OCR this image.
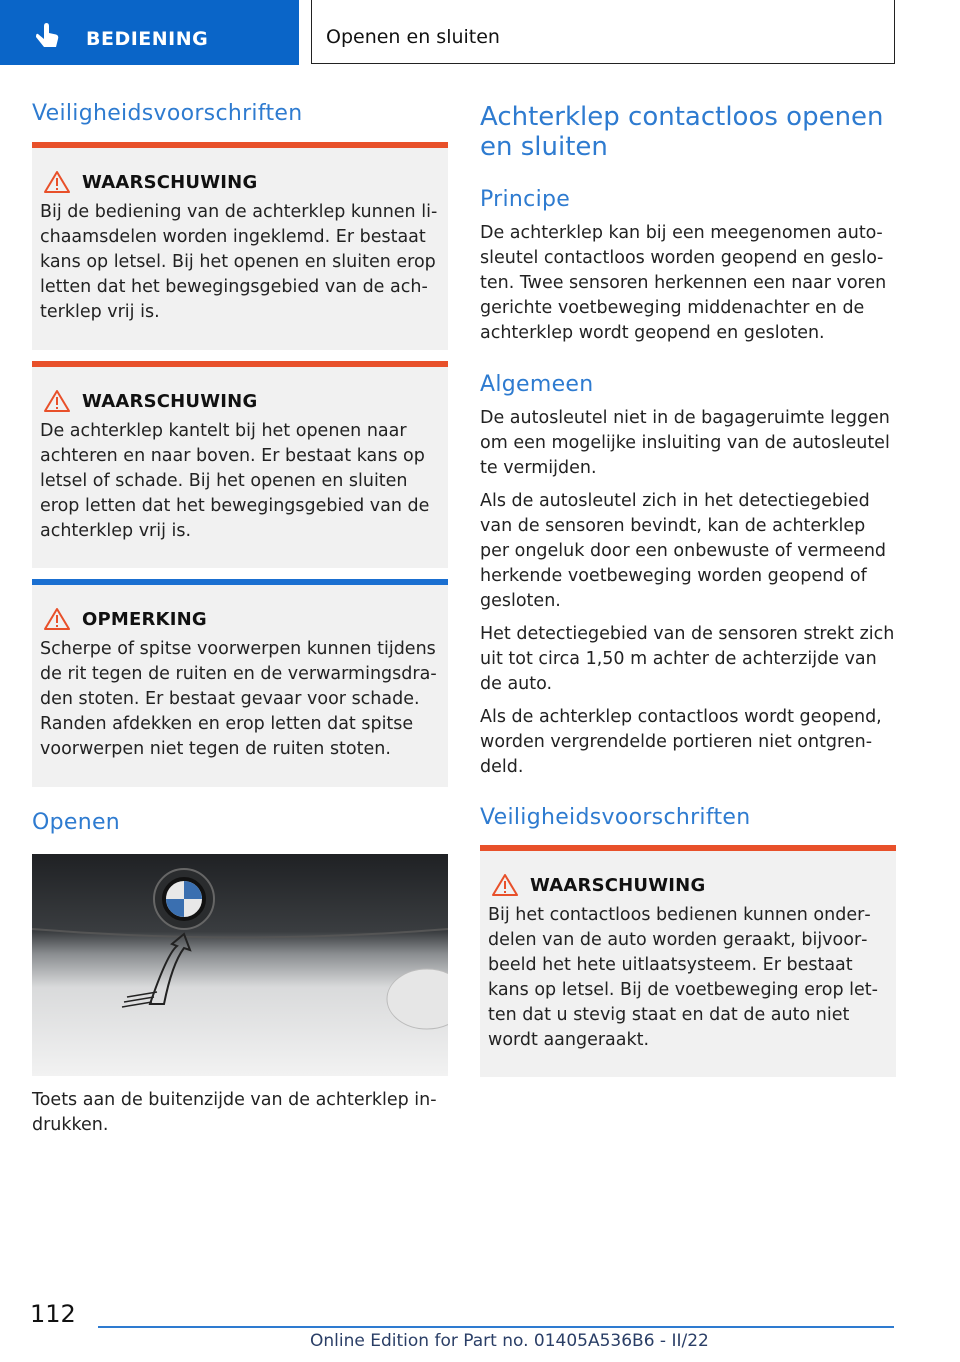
BEDIENING	Openen en sluiten
Veiligheidsvoorschriften
WAARSCHUWING

Bij de bediening van de achterklep kunnen lichaamsdelen worden ingeklemd. Er bestaat kans op letsel. Bij het openen en sluiten erop letten dat het bewegingsgebied van de achterklep vrij is.

WAARSCHUWING

De achterklep kantelt bij het openen naar achteren en naar boven. Er bestaat kans op letsel of schade. Bij het openen en sluiten erop letten dat het bewegingsgebied van de achterklep vrij is.

OPMERKING

Scherpe of spitse voorwerpen kunnen tijdens de rit tegen de ruiten en de verwarmingsdraden stoten. Er bestaat gevaar voor schade. Randen afdekken en erop letten dat spitse voorwerpen niet tegen de ruiten stoten.

Openen

Toets aan de buitenzijde van de achterklep indrukken.

Achterklep contactloos openen en sluiten
Principe

De achterklep kan bij een meegenomen autosleutel contactloos worden geopend en gesloten. Twee sensoren herkennen een naar voren gerichte voetbeweging middenachter en de achterklep wordt geopend en gesloten.

Algemeen

De autosleutel niet in de bagageruimte leggen om een mogelijke insluiting van de autosleutel te vermijden.

Als de autosleutel zich in het detectiegebied van de sensoren bevindt, kan de achterklep per ongeluk door een onbewuste of vermeend herkende voetbeweging worden geopend of gesloten.

Het detectiegebied van de sensoren strekt zich uit tot circa 1,50 m achter de achterzijde van de auto.

Als de achterklep contactloos wordt geopend, worden vergrendelde portieren niet ontgrendeld.

Veiligheidsvoorschriften
WAARSCHUWING

Bij het contactloos bedienen kunnen onderdelen van de auto worden geraakt, bijvoorbeeld het hete uitlaatsysteem. Er bestaat kans op letsel. Bij de voetbeweging erop letten dat u stevig staat en dat de auto niet wordt aangeraakt.

112
Online Edition for Part no. 01405A536B6 - II/22
